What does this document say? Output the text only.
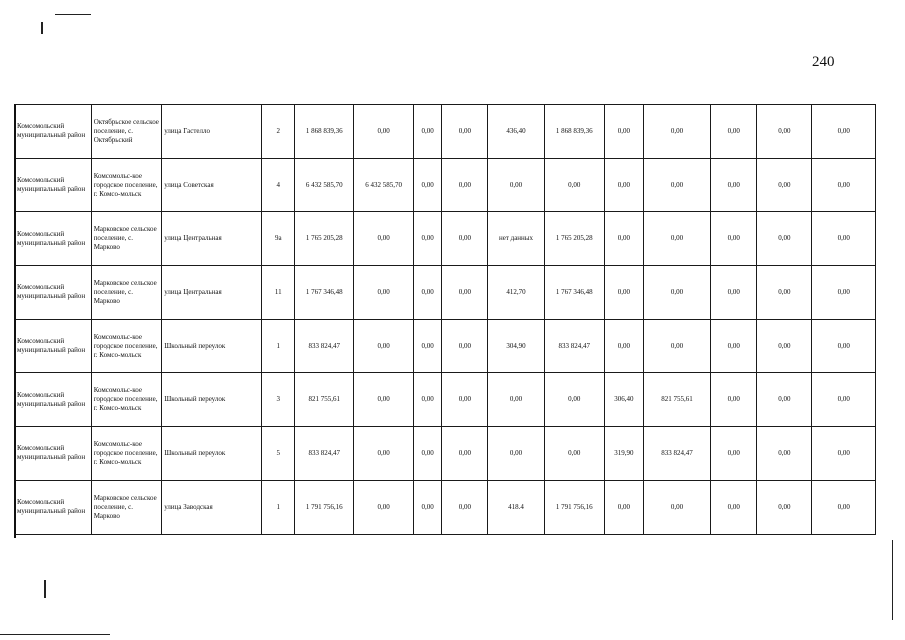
240
Комсомольский муниципальный район	Октябрьское сельское поселение, с. Октябрьский	улица Гастелло	2	1 868 839,36	0,00	0,00	0,00	436,40	1 868 839,36	0,00	0,00	0,00	0,00	0,00
Комсомольский муниципальный район	Комсомольс-кое городское поселение, г. Комсо-мольск	улица Советская	4	6 432 585,70	6 432 585,70	0,00	0,00	0,00	0,00	0,00	0,00	0,00	0,00	0,00
Комсомольский муниципальный район	Марковское сельское поселение, с. Марково	улица Центральная	9а	1 765 205,28	0,00	0,00	0,00	нет данных	1 765 205,28	0,00	0,00	0,00	0,00	0,00
Комсомольский муниципальный район	Марковское сельское поселение, с. Марково	улица Центральная	11	1 767 346,48	0,00	0,00	0,00	412,70	1 767 346,48	0,00	0,00	0,00	0,00	0,00
Комсомольский муниципальный район	Комсомольс-кое городское поселение, г. Комсо-мольск	Школьный переулок	1	833 824,47	0,00	0,00	0,00	304,90	833 824,47	0,00	0,00	0,00	0,00	0,00
Комсомольский муниципальный район	Комсомольс-кое городское поселение, г. Комсо-мольск	Школьный переулок	3	821 755,61	0,00	0,00	0,00	0,00	0,00	306,40	821 755,61	0,00	0,00	0,00
Комсомольский муниципальный район	Комсомольс-кое городское поселение, г. Комсо-мольск	Школьный переулок	5	833 824,47	0,00	0,00	0,00	0,00	0,00	319,90	833 824,47	0,00	0,00	0,00
Комсомольский муниципальный район	Марковское сельское поселение, с. Марково	улица Заводская	1	1 791 756,16	0,00	0,00	0,00	418.4	1 791 756,16	0,00	0,00	0,00	0,00	0,00
